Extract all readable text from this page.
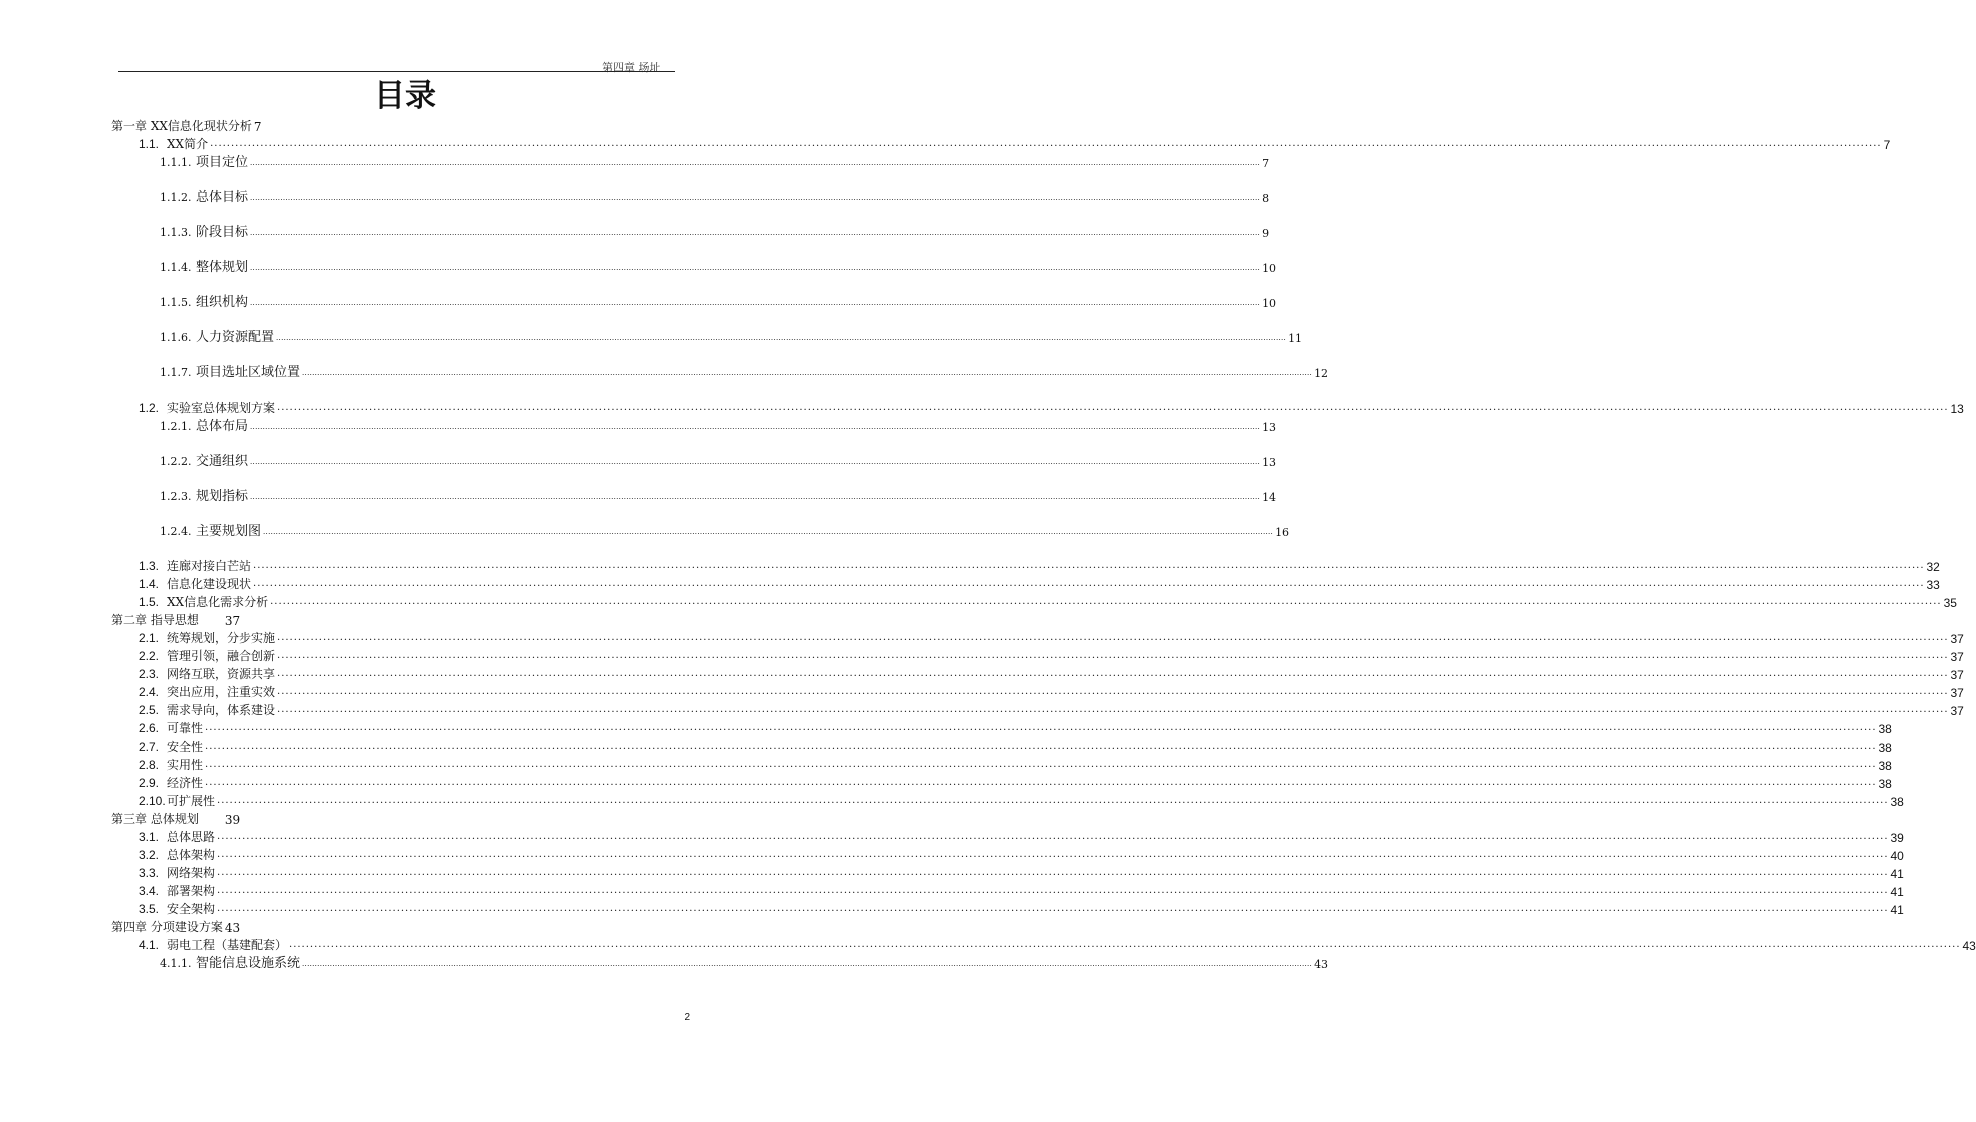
第四章 场址
目录
第一章 XX信息化现状分析 7
1.1. XX简介 ................................................................................................................................................................................................................................................................................................................................................................................................................ 7
1.1.1. 项目定位 ................................................................................................................................................................................................................................................................................................................................................................................................................ 7
1.1.2. 总体目标 ................................................................................................................................................................................................................................................................................................................................................................................................................ 8
1.1.3. 阶段目标 ................................................................................................................................................................................................................................................................................................................................................................................................................ 9
1.1.4. 整体规划 ................................................................................................................................................................................................................................................................................................................................................................................................................ 10
1.1.5. 组织机构 ................................................................................................................................................................................................................................................................................................................................................................................................................ 10
1.1.6. 人力资源配置 ................................................................................................................................................................................................................................................................................................................................................................................................................ 11
1.1.7. 项目选址区域位置 ................................................................................................................................................................................................................................................................................................................................................................................................................ 12
1.2. 实验室总体规划方案 ................................................................................................................................................................................................................................................................................................................................................................................................................ 13
1.2.1. 总体布局 ................................................................................................................................................................................................................................................................................................................................................................................................................ 13
1.2.2. 交通组织 ................................................................................................................................................................................................................................................................................................................................................................................................................ 13
1.2.3. 规划指标 ................................................................................................................................................................................................................................................................................................................................................................................................................ 14
1.2.4. 主要规划图 ................................................................................................................................................................................................................................................................................................................................................................................................................ 16
1.3. 连廊对接白芒站 ................................................................................................................................................................................................................................................................................................................................................................................................................ 32
1.4. 信息化建设现状 ................................................................................................................................................................................................................................................................................................................................................................................................................ 33
1.5. XX信息化需求分析 ................................................................................................................................................................................................................................................................................................................................................................................................................ 35
第二章 指导思想 37
2.1. 统筹规划，分步实施 ................................................................................................................................................................................................................................................................................................................................................................................................................ 37
2.2. 管理引领，融合创新 ................................................................................................................................................................................................................................................................................................................................................................................................................ 37
2.3. 网络互联，资源共享 ................................................................................................................................................................................................................................................................................................................................................................................................................ 37
2.4. 突出应用，注重实效 ................................................................................................................................................................................................................................................................................................................................................................................................................ 37
2.5. 需求导向，体系建设 ................................................................................................................................................................................................................................................................................................................................................................................................................ 37
2.6. 可靠性 ................................................................................................................................................................................................................................................................................................................................................................................................................ 38
2.7. 安全性 ................................................................................................................................................................................................................................................................................................................................................................................................................ 38
2.8. 实用性 ................................................................................................................................................................................................................................................................................................................................................................................................................ 38
2.9. 经济性 ................................................................................................................................................................................................................................................................................................................................................................................................................ 38
2.10.可扩展性 ................................................................................................................................................................................................................................................................................................................................................................................................................ 38
第三章 总体规划 39
3.1. 总体思路 ................................................................................................................................................................................................................................................................................................................................................................................................................ 39
3.2. 总体架构 ................................................................................................................................................................................................................................................................................................................................................................................................................ 40
3.3. 网络架构 ................................................................................................................................................................................................................................................................................................................................................................................................................ 41
3.4. 部署架构 ................................................................................................................................................................................................................................................................................................................................................................................................................ 41
3.5. 安全架构 ................................................................................................................................................................................................................................................................................................................................................................................................................ 41
第四章 分项建设方案 43
4.1. 弱电工程（基建配套） ................................................................................................................................................................................................................................................................................................................................................................................................................ 43
4.1.1. 智能信息设施系统 ................................................................................................................................................................................................................................................................................................................................................................................................................ 43
2
